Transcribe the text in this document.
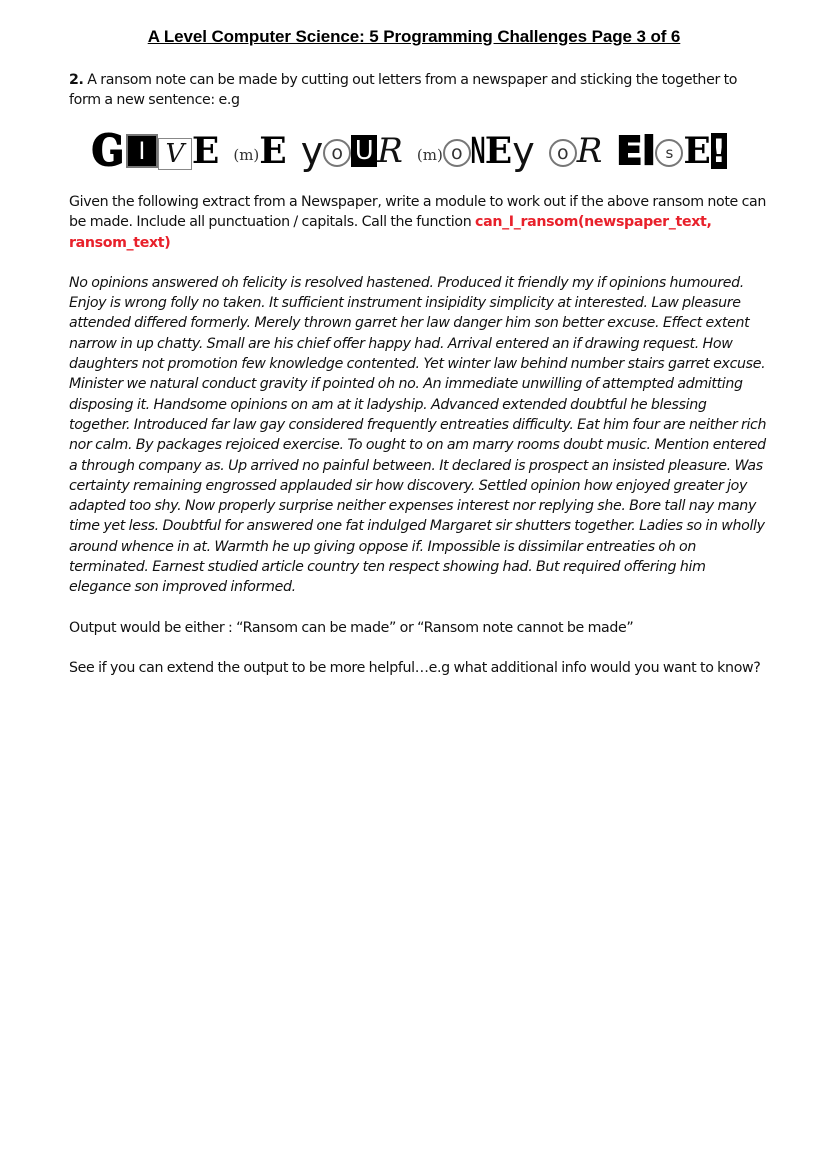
A Level Computer Science: 5 Programming Challenges Page 3 of 6
G I V E ( m ) E y o U R ( m ) o N E y	o R E l s E !

2. A ransom note can be made by cutting out letters from a newspaper and sticking the together to form a new sentence: e.g

Given the following extract from a Newspaper, write a module to work out if the above ransom note can be made. Include all punctuation / capitals. Call the function can_I_ransom(newspaper_text, ransom_text)

No opinions answered oh felicity is resolved hastened. Produced it friendly my if opinions humoured. Enjoy is wrong folly no taken. It sufficient instrument insipidity simplicity at interested. Law pleasure attended differed formerly. Merely thrown garret her law danger him son better excuse. Effect extent narrow in up chatty. Small are his chief offer happy had. Arrival entered an if drawing request. How daughters not promotion few knowledge contented. Yet winter law behind number stairs garret excuse. Minister we natural conduct gravity if pointed oh no. An immediate unwilling of attempted admitting disposing it. Handsome opinions on am at it ladyship. Advanced extended doubtful he blessing together. Introduced far law gay considered frequently entreaties difficulty. Eat him four are neither rich nor calm. By packages rejoiced exercise. To ought to on am marry rooms doubt music. Mention entered a through company as. Up arrived no painful between. It declared is prospect an insisted pleasure. Was certainty remaining engrossed applauded sir how discovery. Settled opinion how enjoyed greater joy adapted too shy. Now properly surprise neither expenses interest nor replying she. Bore tall nay many time yet less. Doubtful for answered one fat indulged Margaret sir shutters together. Ladies so in wholly around whence in at. Warmth he up giving oppose if. Impossible is dissimilar entreaties oh on terminated. Earnest studied article country ten respect showing had. But required offering him elegance son improved informed.

Output would be either : “Ransom can be made” or “Ransom note cannot be made”

See if you can extend the output to be more helpful…e.g what additional info would you want to know?
